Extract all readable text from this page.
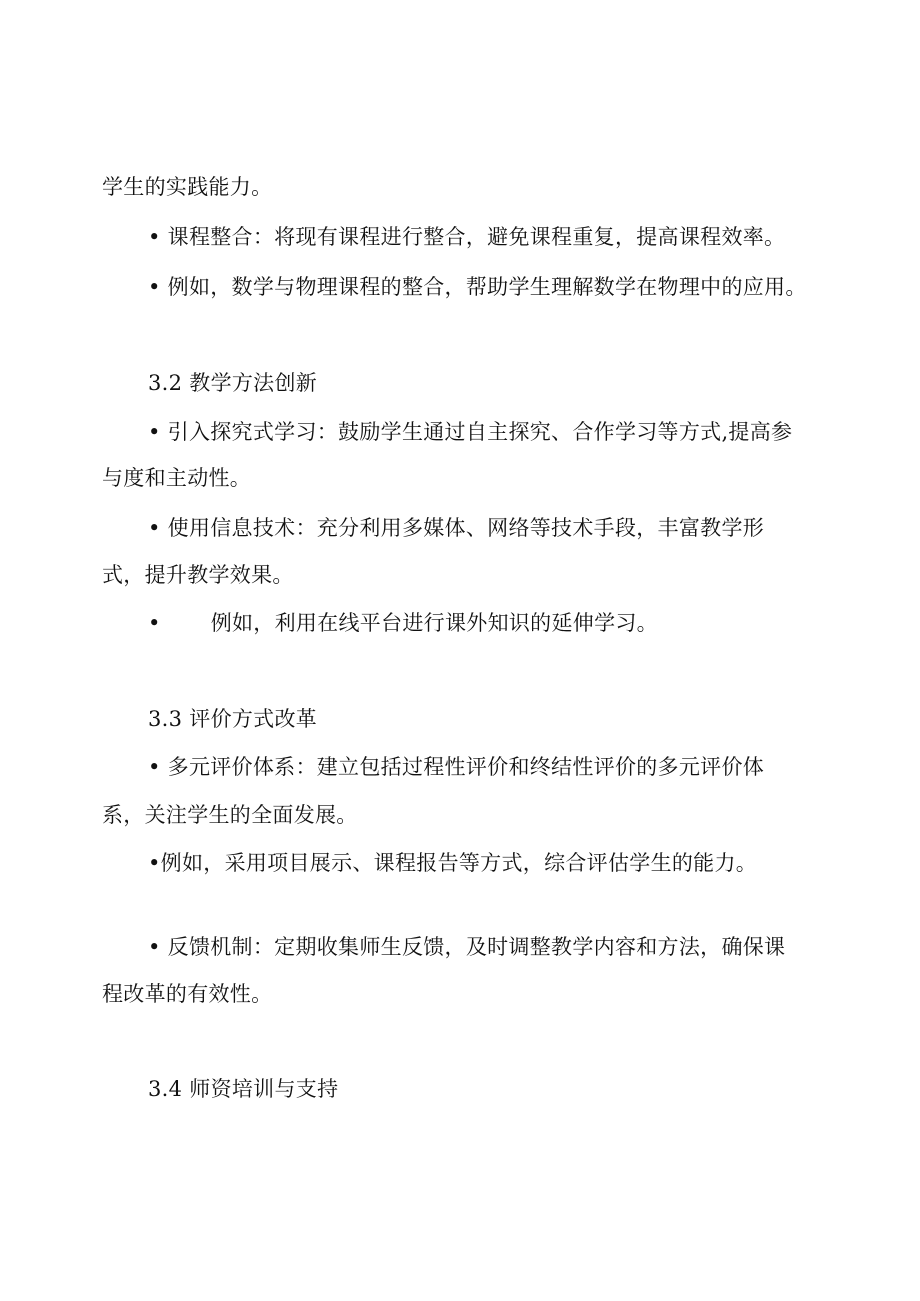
学生的实践能力。
• 课程整合：将现有课程进行整合，避免课程重复，提高课程效率。
• 例如，数学与物理课程的整合，帮助学生理解数学在物理中的应用。
3.2 教学方法创新
• 引入探究式学习：鼓励学生通过自主探究、合作学习等方式,提高参
与度和主动性。
• 使用信息技术：充分利用多媒体、网络等技术手段，丰富教学形
式，提升教学效果。
• 例如，利用在线平台进行课外知识的延伸学习。
3.3 评价方式改革
• 多元评价体系：建立包括过程性评价和终结性评价的多元评价体
系，关注学生的全面发展。
•例如，采用项目展示、课程报告等方式，综合评估学生的能力。
• 反馈机制：定期收集师生反馈，及时调整教学内容和方法，确保课
程改革的有效性。
3.4 师资培训与支持
